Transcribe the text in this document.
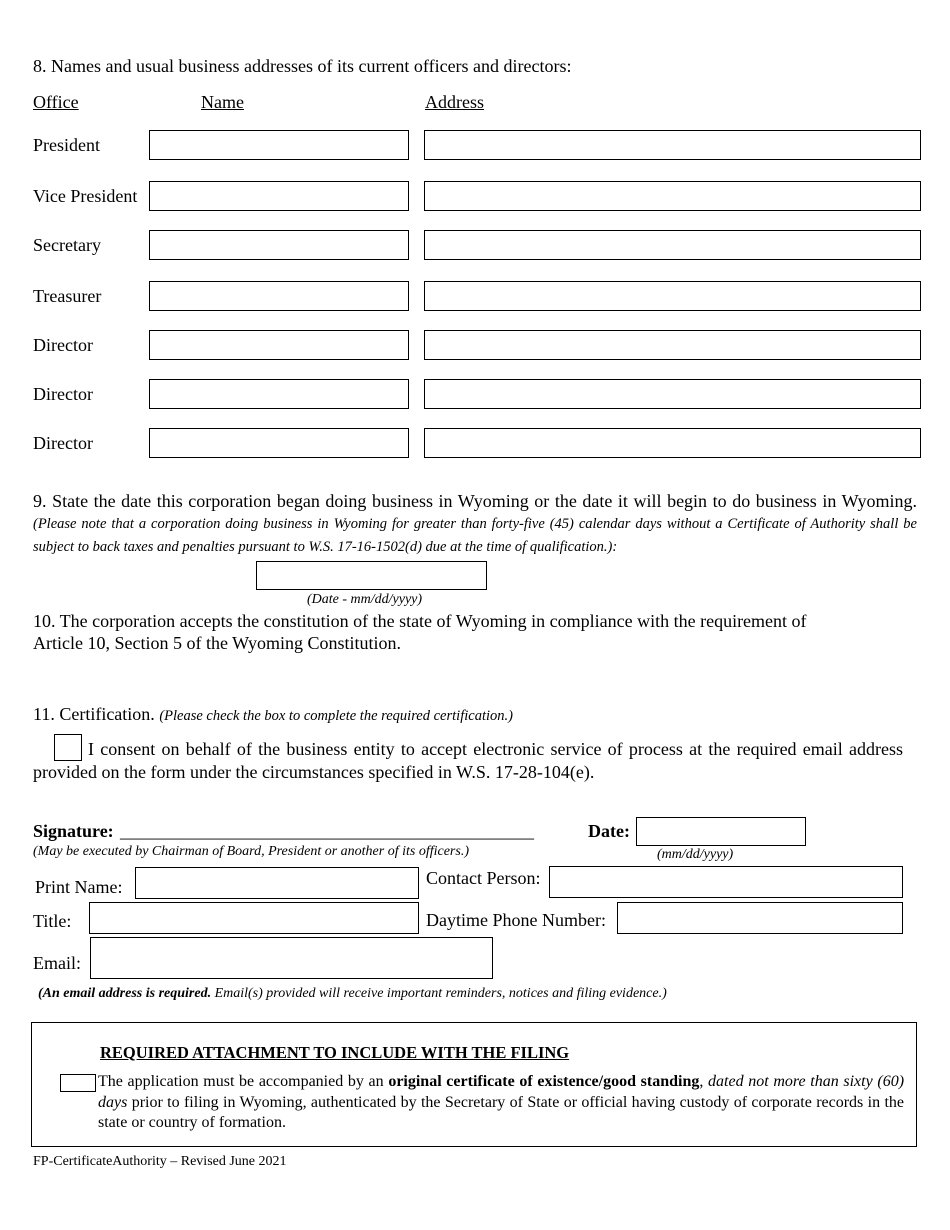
8. Names and usual business addresses of its current officers and directors:
Office	Name	Address
President
Vice President
Secretary
Treasurer
Director
Director
Director
9. State the date this corporation began doing business in Wyoming or the date it will begin to do business in Wyoming. (Please note that a corporation doing business in Wyoming for greater than forty-five (45) calendar days without a Certificate of Authority shall be subject to back taxes and penalties pursuant to W.S. 17-16-1502(d) due at the time of qualification.):
(Date - mm/dd/yyyy)
10. The corporation accepts the constitution of the state of Wyoming in compliance with the requirement of
Article 10, Section 5 of the Wyoming Constitution.
11. Certification. (Please check the box to complete the required certification.)
I consent on behalf of the business entity to accept electronic service of process at the required email address provided on the form under the circumstances specified in W.S. 17-28-104(e).
Signature: ______________________________________________
(May be executed by Chairman of Board, President or another of its officers.)
Date:
(mm/dd/yyyy)
Print Name:	Contact Person:
Title:	Daytime Phone Number:
Email:
(An email address is required. Email(s) provided will receive important reminders, notices and filing evidence.)
REQUIRED ATTACHMENT TO INCLUDE WITH THE FILING
The application must be accompanied by an original certificate of existence/good standing, dated not more than sixty (60) days prior to filing in Wyoming, authenticated by the Secretary of State or official having custody of corporate records in the state or country of formation.
FP-CertificateAuthority – Revised June 2021
